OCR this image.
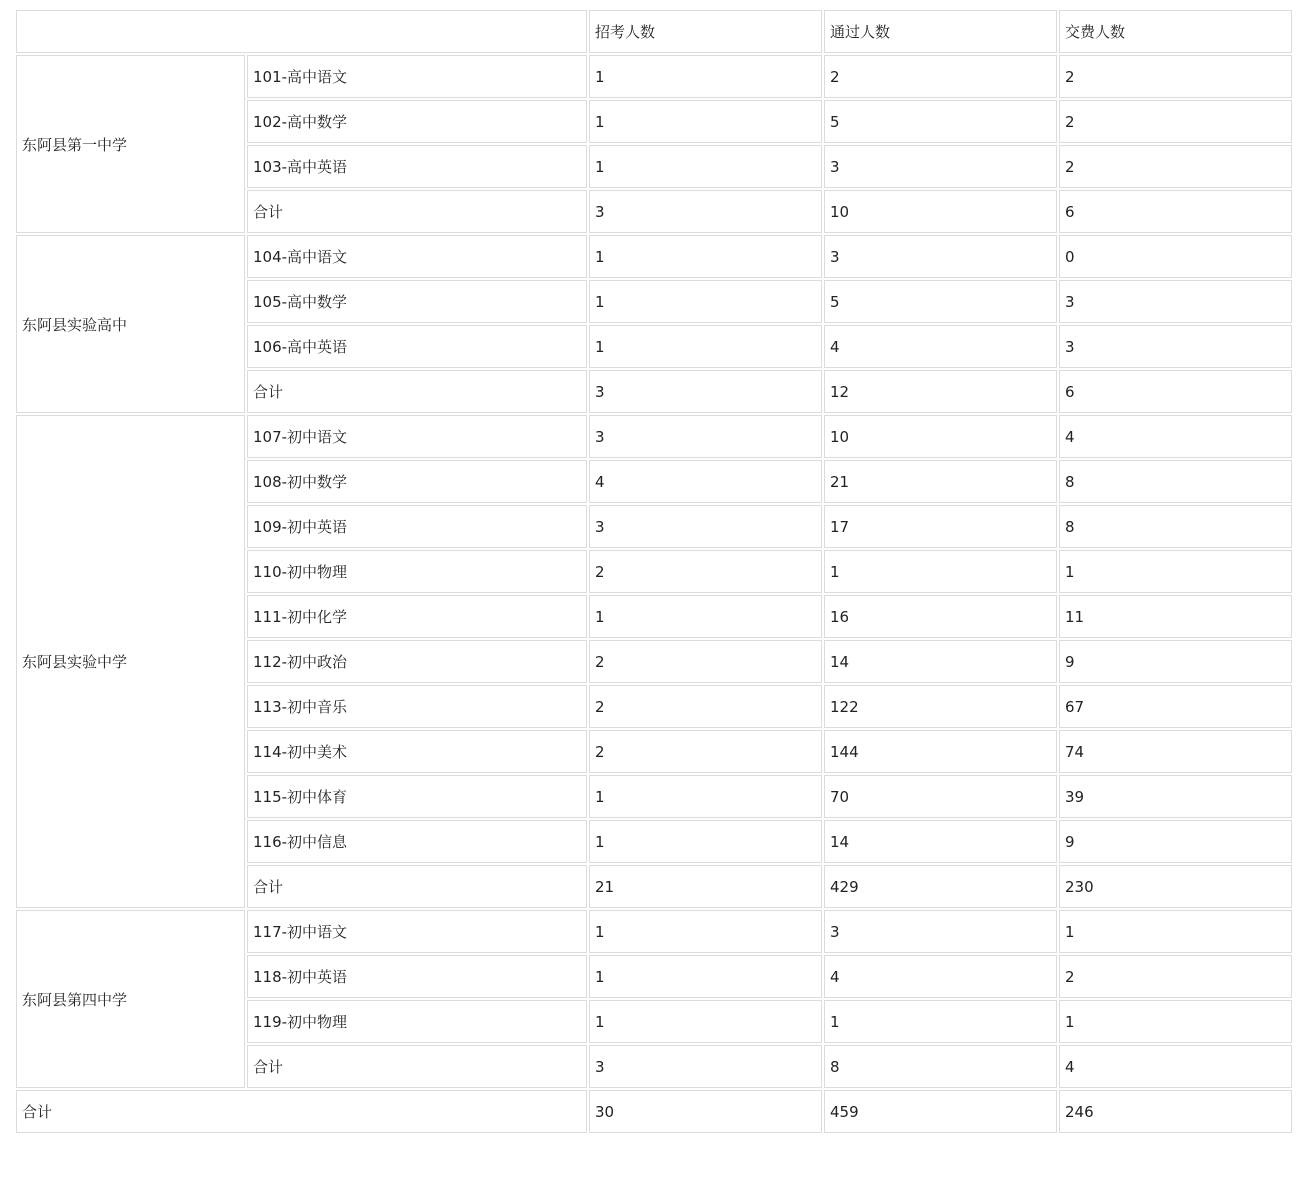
		招考人数	通过人数	交费人数
东阿县第一中学	101-高中语文	1	2	2
	102-高中数学	1	5	2
	103-高中英语	1	3	2
	合计	3	10	6
东阿县实验高中	104-高中语文	1	3	0
	105-高中数学	1	5	3
	106-高中英语	1	4	3
	合计	3	12	6
东阿县实验中学	107-初中语文	3	10	4
	108-初中数学	4	21	8
	109-初中英语	3	17	8
	110-初中物理	2	1	1
	111-初中化学	1	16	11
	112-初中政治	2	14	9
	113-初中音乐	2	122	67
	114-初中美术	2	144	74
	115-初中体育	1	70	39
	116-初中信息	1	14	9
	合计	21	429	230
东阿县第四中学	117-初中语文	1	3	1
	118-初中英语	1	4	2
	119-初中物理	1	1	1
	合计	3	8	4
合计		30	459	246
